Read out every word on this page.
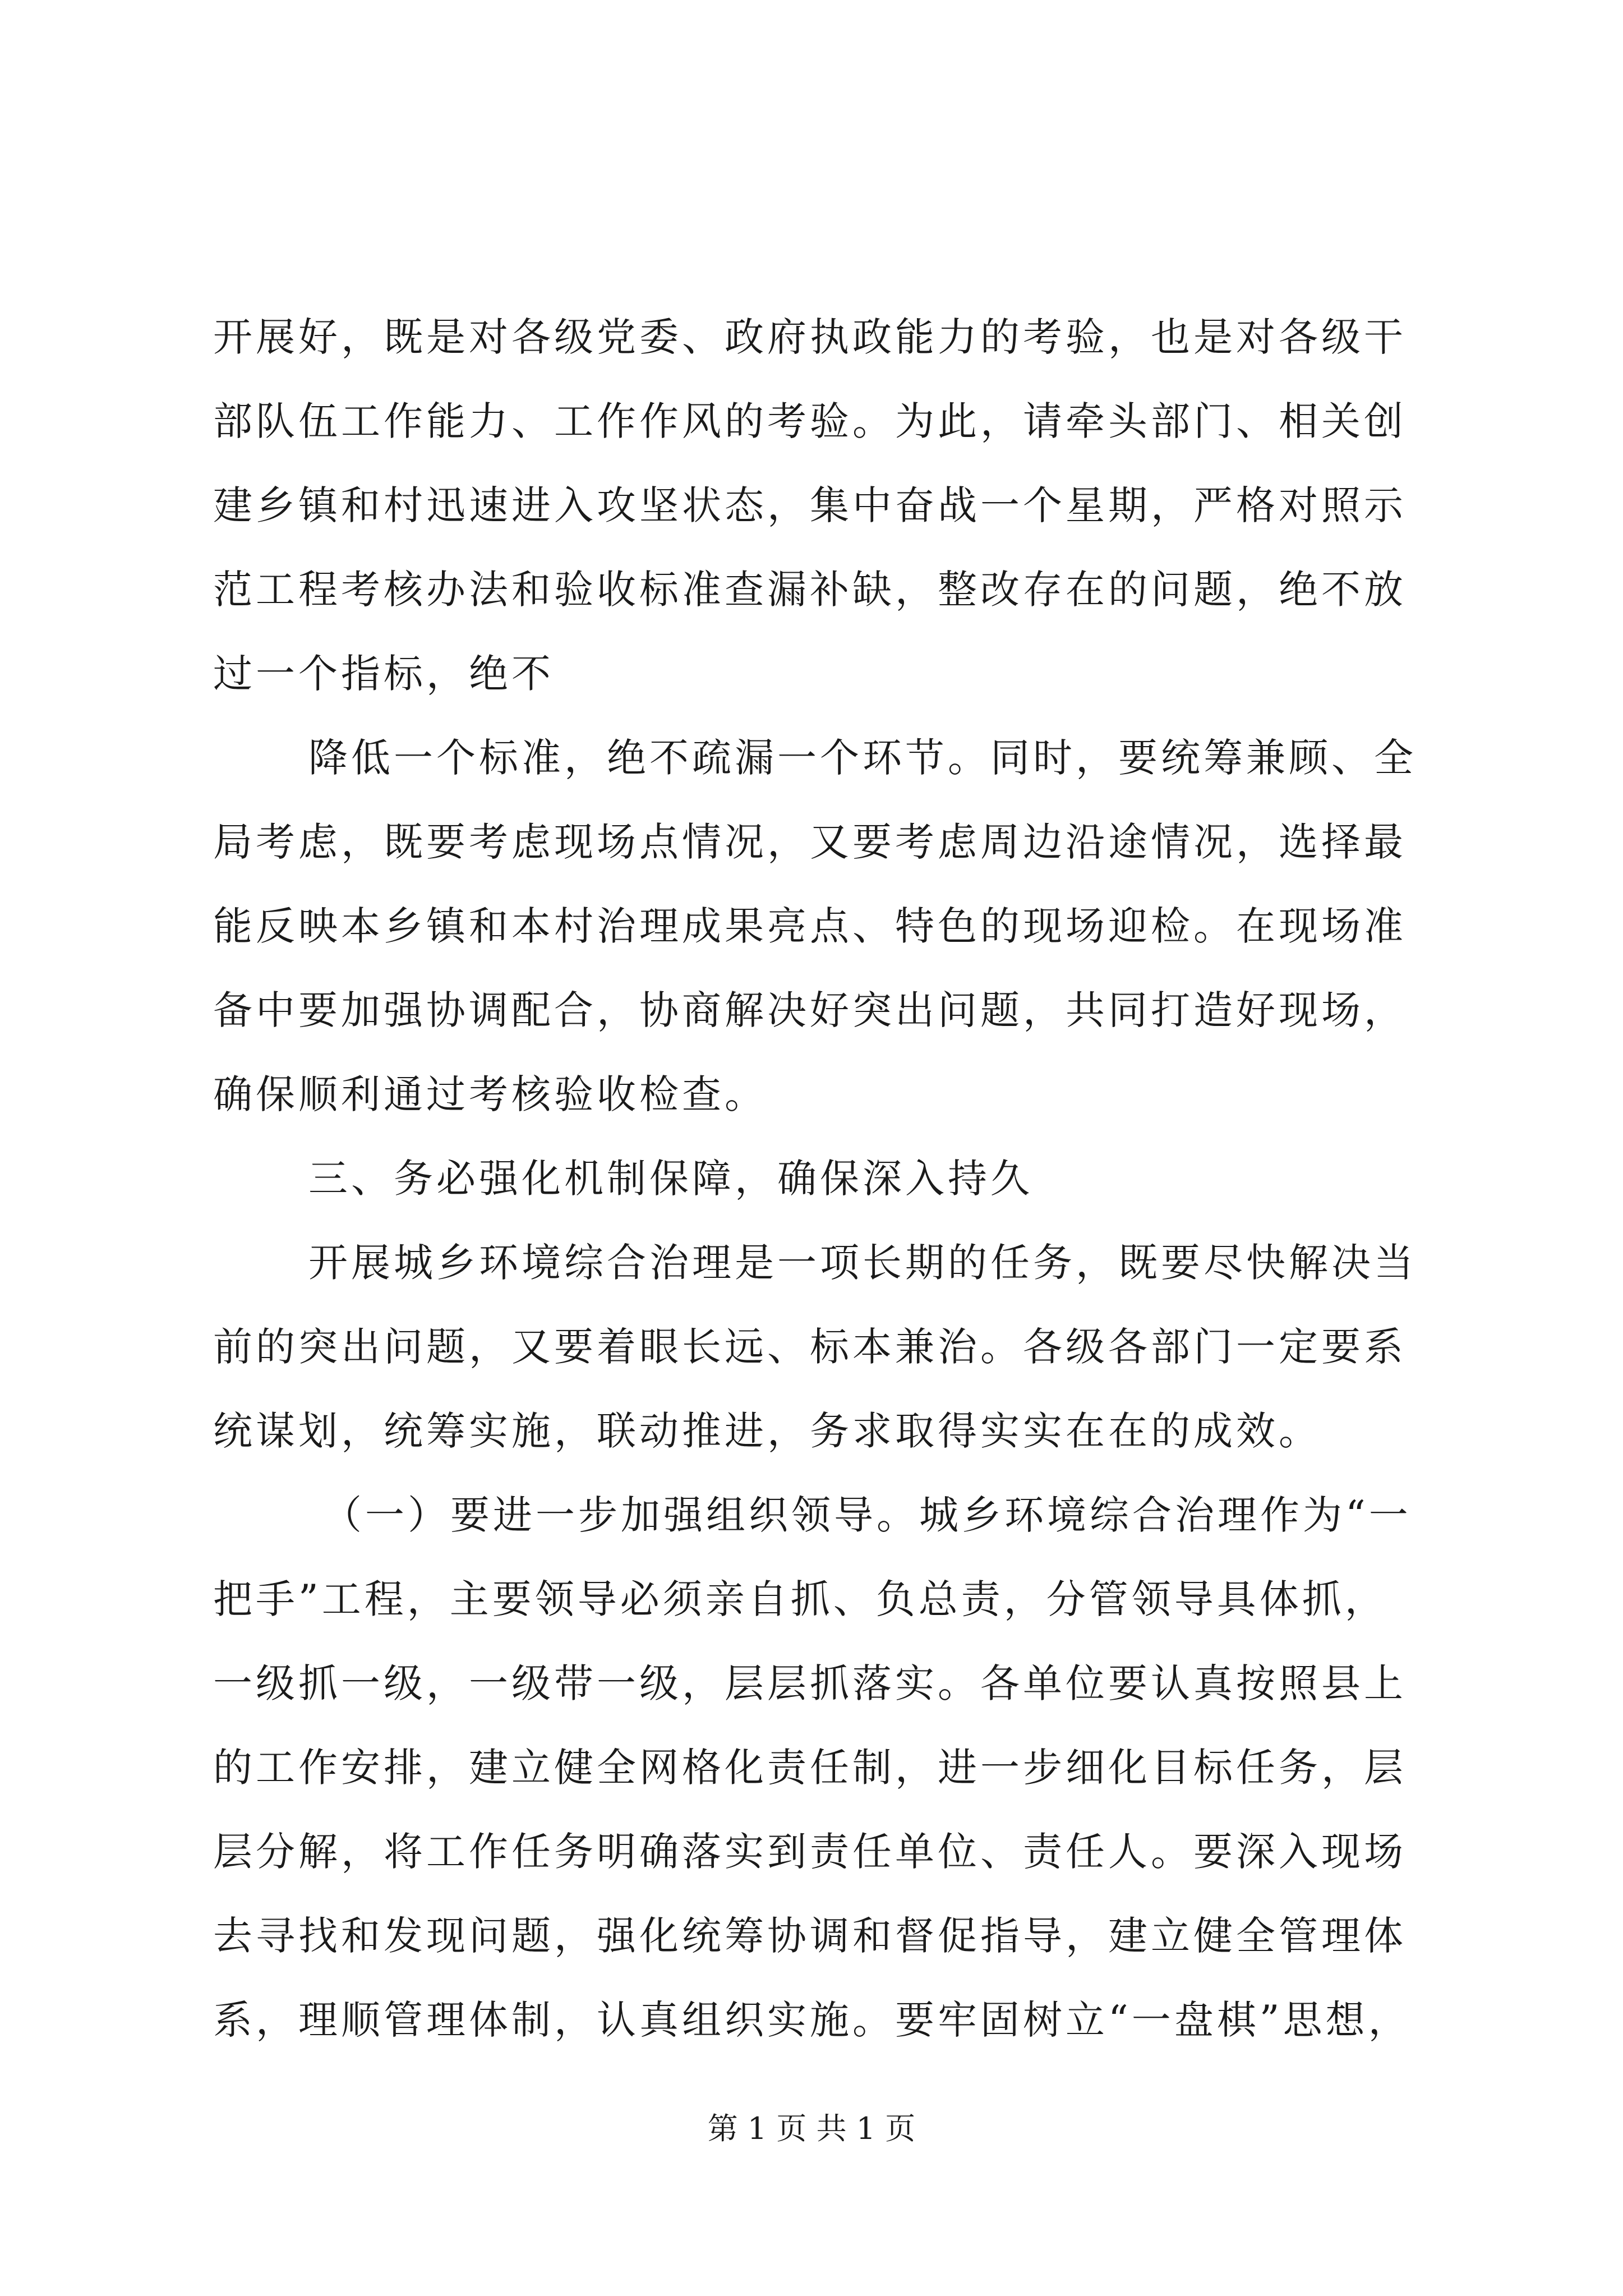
开展好，既是对各级党委、政府执政能力的考验，也是对各级干
部队伍工作能力、工作作风的考验。为此，请牵头部门、相关创
建乡镇和村迅速进入攻坚状态，集中奋战一个星期，严格对照示
范工程考核办法和验收标准查漏补缺，整改存在的问题，绝不放
过一个指标，绝不
降低一个标准，绝不疏漏一个环节。同时，要统筹兼顾、全
局考虑，既要考虑现场点情况，又要考虑周边沿途情况，选择最
能反映本乡镇和本村治理成果亮点、特色的现场迎检。在现场准
备中要加强协调配合，协商解决好突出问题，共同打造好现场，
确保顺利通过考核验收检查。
三、务必强化机制保障，确保深入持久
开展城乡环境综合治理是一项长期的任务，既要尽快解决当
前的突出问题，又要着眼长远、标本兼治。各级各部门一定要系
统谋划，统筹实施，联动推进，务求取得实实在在的成效。
（一）要进一步加强组织领导。城乡环境综合治理作为“一
把手”工程，主要领导必须亲自抓、负总责，分管领导具体抓，
一级抓一级，一级带一级，层层抓落实。各单位要认真按照县上
的工作安排，建立健全网格化责任制，进一步细化目标任务，层
层分解，将工作任务明确落实到责任单位、责任人。要深入现场
去寻找和发现问题，强化统筹协调和督促指导，建立健全管理体
系，理顺管理体制，认真组织实施。要牢固树立“一盘棋”思想，
第 1 页 共 1 页
